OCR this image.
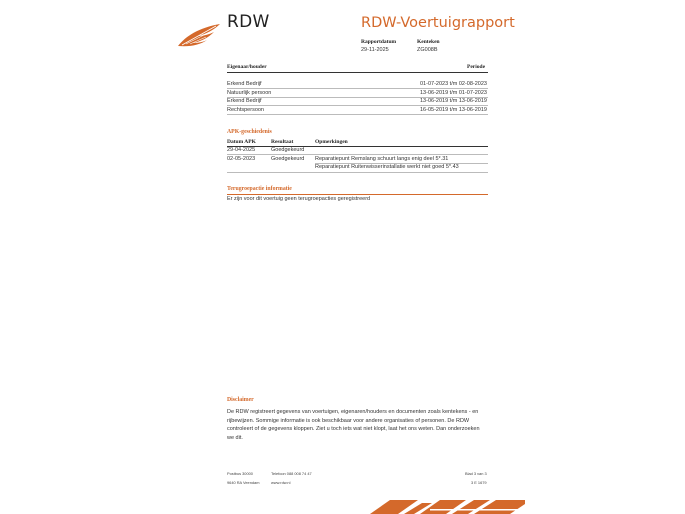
RDW	RDW-Voertuigrapport
Rapportdatum
29-11-2025
Kenteken
ZG008B
Eigenaar/houder	Periode
Erkend Bedrijf	01-07-2023 t/m 02-08-2023
Natuurlijk persoon	13-06-2019 t/m 01-07-2023
Erkend Bedrijf	13-06-2019 t/m 13-06-2019
Rechtspersoon	16-05-2019 t/m 13-06-2019
APK-geschiedenis
Datum APK	Resultaat	Opmerkingen
29-04-2025	Goedgekeurd
02-05-2023	Goedgekeurd Reparatiepunt Remslang schuurt langs enig deel 5*.31
Reparatiepunt Ruitenwisserinstallatie werkt niet goed 5*.43
Terugroepactie informatie
Er zijn voor dit voertuig geen terugroepacties geregistreerd
Disclaimer
De RDW registreert gegevens van voertuigen, eigenaren/houders en documenten zoals kentekens - en
rijbewijzen. Sommige informatie is ook beschikbaar voor andere organisaties of personen. De RDW
controleert of de gegevens kloppen. Ziet u toch iets wat niet klopt, laat het ons weten. Dan onderzoeken
we dit.
Postbus 30000	Telefoon 088 008 74 47	Blad 3 van 3
9640 RA Veendam	www.rdw.nl	3 E 1679
